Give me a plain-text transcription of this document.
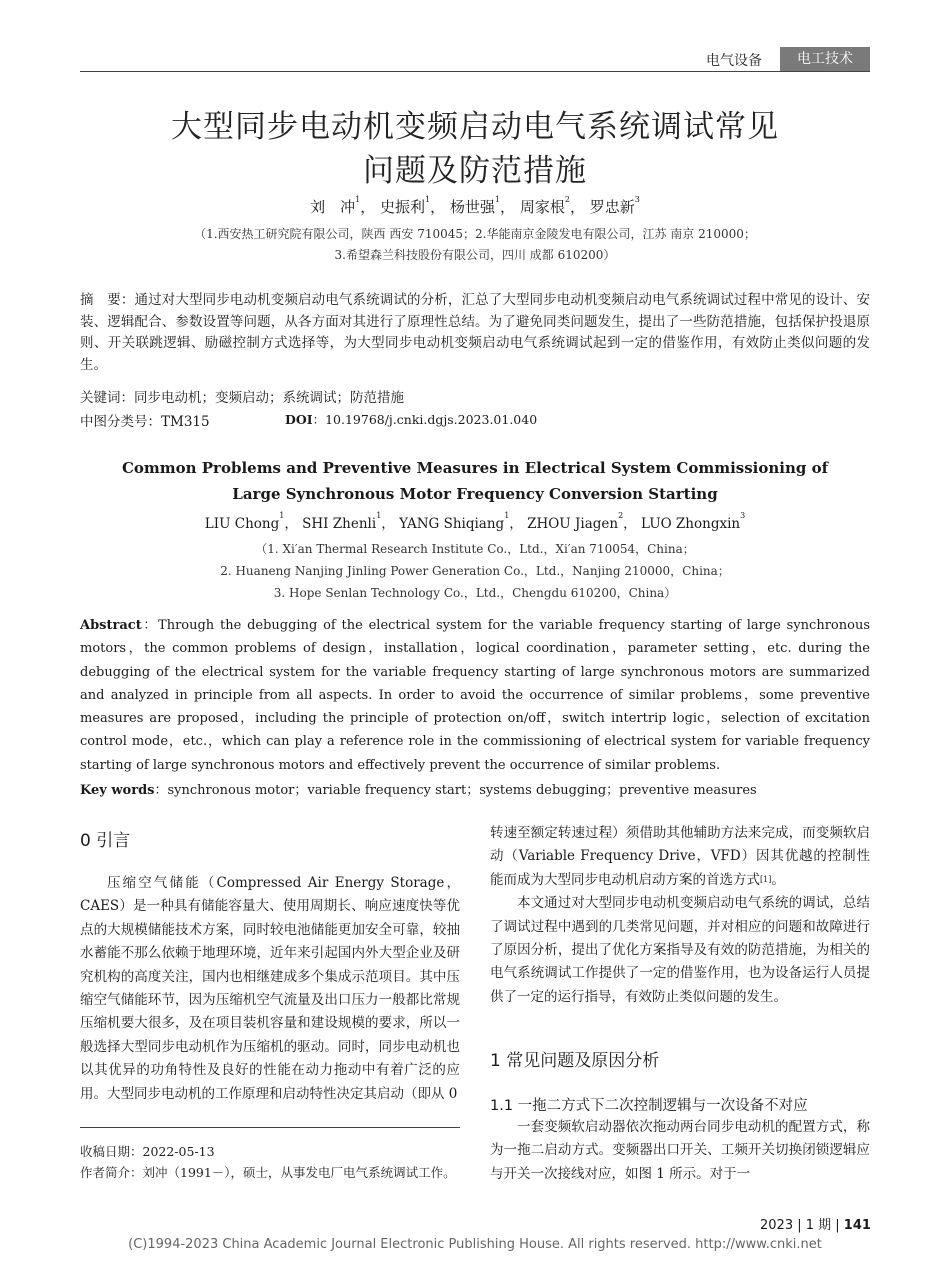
电气设备	电工技术
大型同步电动机变频启动电气系统调试常见
问题及防范措施
刘　冲$^1$， 史振利$^1$， 杨世强$^1$， 周家根$^2$， 罗忠新$^3$
（1.西安热工研究院有限公司，陕西 西安 710045；2.华能南京金陵发电有限公司，江苏 南京 210000；
3.希望森兰科技股份有限公司，四川 成都 610200）
摘　要：通过对大型同步电动机变频启动电气系统调试的分析，汇总了大型同步电动机变频启动电气系统调试过程中常见的设计、安装、逻辑配合、参数设置等问题，从各方面对其进行了原理性总结。为了避免同类问题发生，提出了一些防范措施，包括保护投退原则、开关联跳逻辑、励磁控制方式选择等，为大型同步电动机变频启动电气系统调试起到一定的借鉴作用，有效防止类似问题的发生。
关键词：同步电动机；变频启动；系统调试；防范措施
中图分类号：TM315	DOI：10.19768/j.cnki.dgjs.2023.01.040
Common Problems and Preventive Measures in Electrical System Commissioning of
Large Synchronous Motor Frequency Conversion Starting
LIU Chong$^1$， SHI Zhenli$^1$， YANG Shiqiang$^1$， ZHOU Jiagen$^2$， LUO Zhongxin$^3$
（1. Xi′an Thermal Research Institute Co.，Ltd.，Xi′an 710054，China；
2. Huaneng Nanjing Jinling Power Generation Co.，Ltd.，Nanjing 210000，China；
3. Hope Senlan Technology Co.，Ltd.，Chengdu 610200，China）
Abstract：Through the debugging of the electrical system for the variable frequency starting of large synchronous motors，the common problems of design，installation，logical coordination，parameter setting，etc. during the debugging of the electrical system for the variable frequency starting of large synchronous motors are summarized and analyzed in principle from all aspects. In order to avoid the occurrence of similar problems，some preventive measures are proposed，including the principle of protection on/off，switch intertrip logic，selection of excitation control mode，etc.，which can play a reference role in the commissioning of electrical system for variable frequency starting of large synchronous motors and effectively prevent the occurrence of similar problems.
Key words：synchronous motor；variable frequency start；systems debugging；preventive measures
0 引言

压缩空气储能（Compressed Air Energy Storage，CAES）是一种具有储能容量大、使用周期长、响应速度快等优点的大规模储能技术方案，同时较电池储能更加安全可靠，较抽水蓄能不那么依赖于地理环境，近年来引起国内外大型企业及研究机构的高度关注，国内也相继建成多个集成示范项目。其中压缩空气储能环节，因为压缩机空气流量及出口压力一般都比常规压缩机要大很多，及在项目装机容量和建设规模的要求，所以一般选择大型同步电动机作为压缩机的驱动。同时，同步电动机也以其优异的功角特性及良好的性能在动力拖动中有着广泛的应用。大型同步电动机的工作原理和启动特性决定其启动（即从 0

收稿日期：2022-05-13
作者简介：刘冲（1991－），硕士，从事发电厂电气系统调试工作。

转速至额定转速过程）须借助其他辅助方法来完成，而变频软启动（Variable Frequency Drive，VFD）因其优越的控制性能而成为大型同步电动机启动方案的首选方式[1]。

本文通过对大型同步电动机变频启动电气系统的调试，总结了调试过程中遇到的几类常见问题，并对相应的问题和故障进行了原因分析，提出了优化方案指导及有效的防范措施，为相关的电气系统调试工作提供了一定的借鉴作用，也为设备运行人员提供了一定的运行指导，有效防止类似问题的发生。

1 常见问题及原因分析
1.1 一拖二方式下二次控制逻辑与一次设备不对应

一套变频软启动器依次拖动两台同步电动机的配置方式，称为一拖二启动方式。变频器出口开关、工频开关切换闭锁逻辑应与开关一次接线对应，如图 1 所示。对于一

2023 | 1 期 | 141
(C)1994-2023 China Academic Journal Electronic Publishing House. All rights reserved. http://www.cnki.net
